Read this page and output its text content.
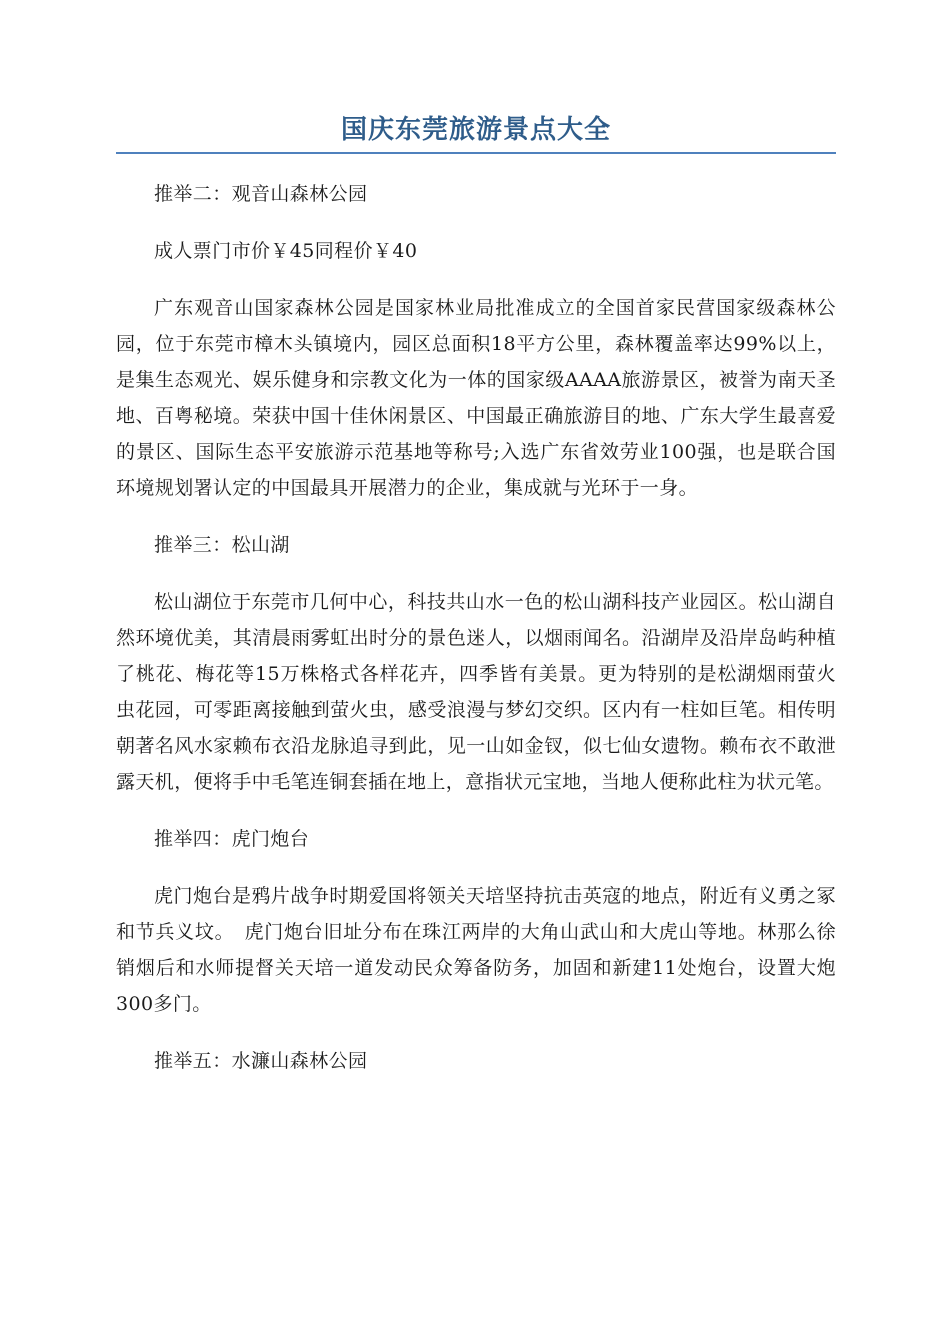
国庆东莞旅游景点大全

推举二：观音山森林公园

成人票门市价￥45同程价￥40

广东观音山国家森林公园是国家林业局批准成立的全国首家民营国家级森林公园，位于东莞市樟木头镇境内，园区总面积18平方公里，森林覆盖率达99%以上，是集生态观光、娱乐健身和宗教文化为一体的国家级AAAA旅游景区，被誉为南天圣地、百粤秘境。荣获中国十佳休闲景区、中国最正确旅游目的地、广东大学生最喜爱的景区、国际生态平安旅游示范基地等称号;入选广东省效劳业100强，也是联合国环境规划署认定的中国最具开展潜力的企业，集成就与光环于一身。

推举三：松山湖

松山湖位于东莞市几何中心，科技共山水一色的松山湖科技产业园区。松山湖自然环境优美，其清晨雨雾虹出时分的景色迷人，以烟雨闻名。沿湖岸及沿岸岛屿种植了桃花、梅花等15万株格式各样花卉，四季皆有美景。更为特别的是松湖烟雨萤火虫花园，可零距离接触到萤火虫，感受浪漫与梦幻交织。区内有一柱如巨笔。相传明朝著名风水家赖布衣沿龙脉追寻到此，见一山如金钗，似七仙女遗物。赖布衣不敢泄露天机，便将手中毛笔连铜套插在地上，意指状元宝地，当地人便称此柱为状元笔。

推举四：虎门炮台

虎门炮台是鸦片战争时期爱国将领关天培坚持抗击英寇的地点，附近有义勇之冢和节兵义坟。　虎门炮台旧址分布在珠江两岸的大角山武山和大虎山等地。林那么徐销烟后和水师提督关天培一道发动民众筹备防务，加固和新建11处炮台，设置大炮300多门。

推举五：水濂山森林公园
